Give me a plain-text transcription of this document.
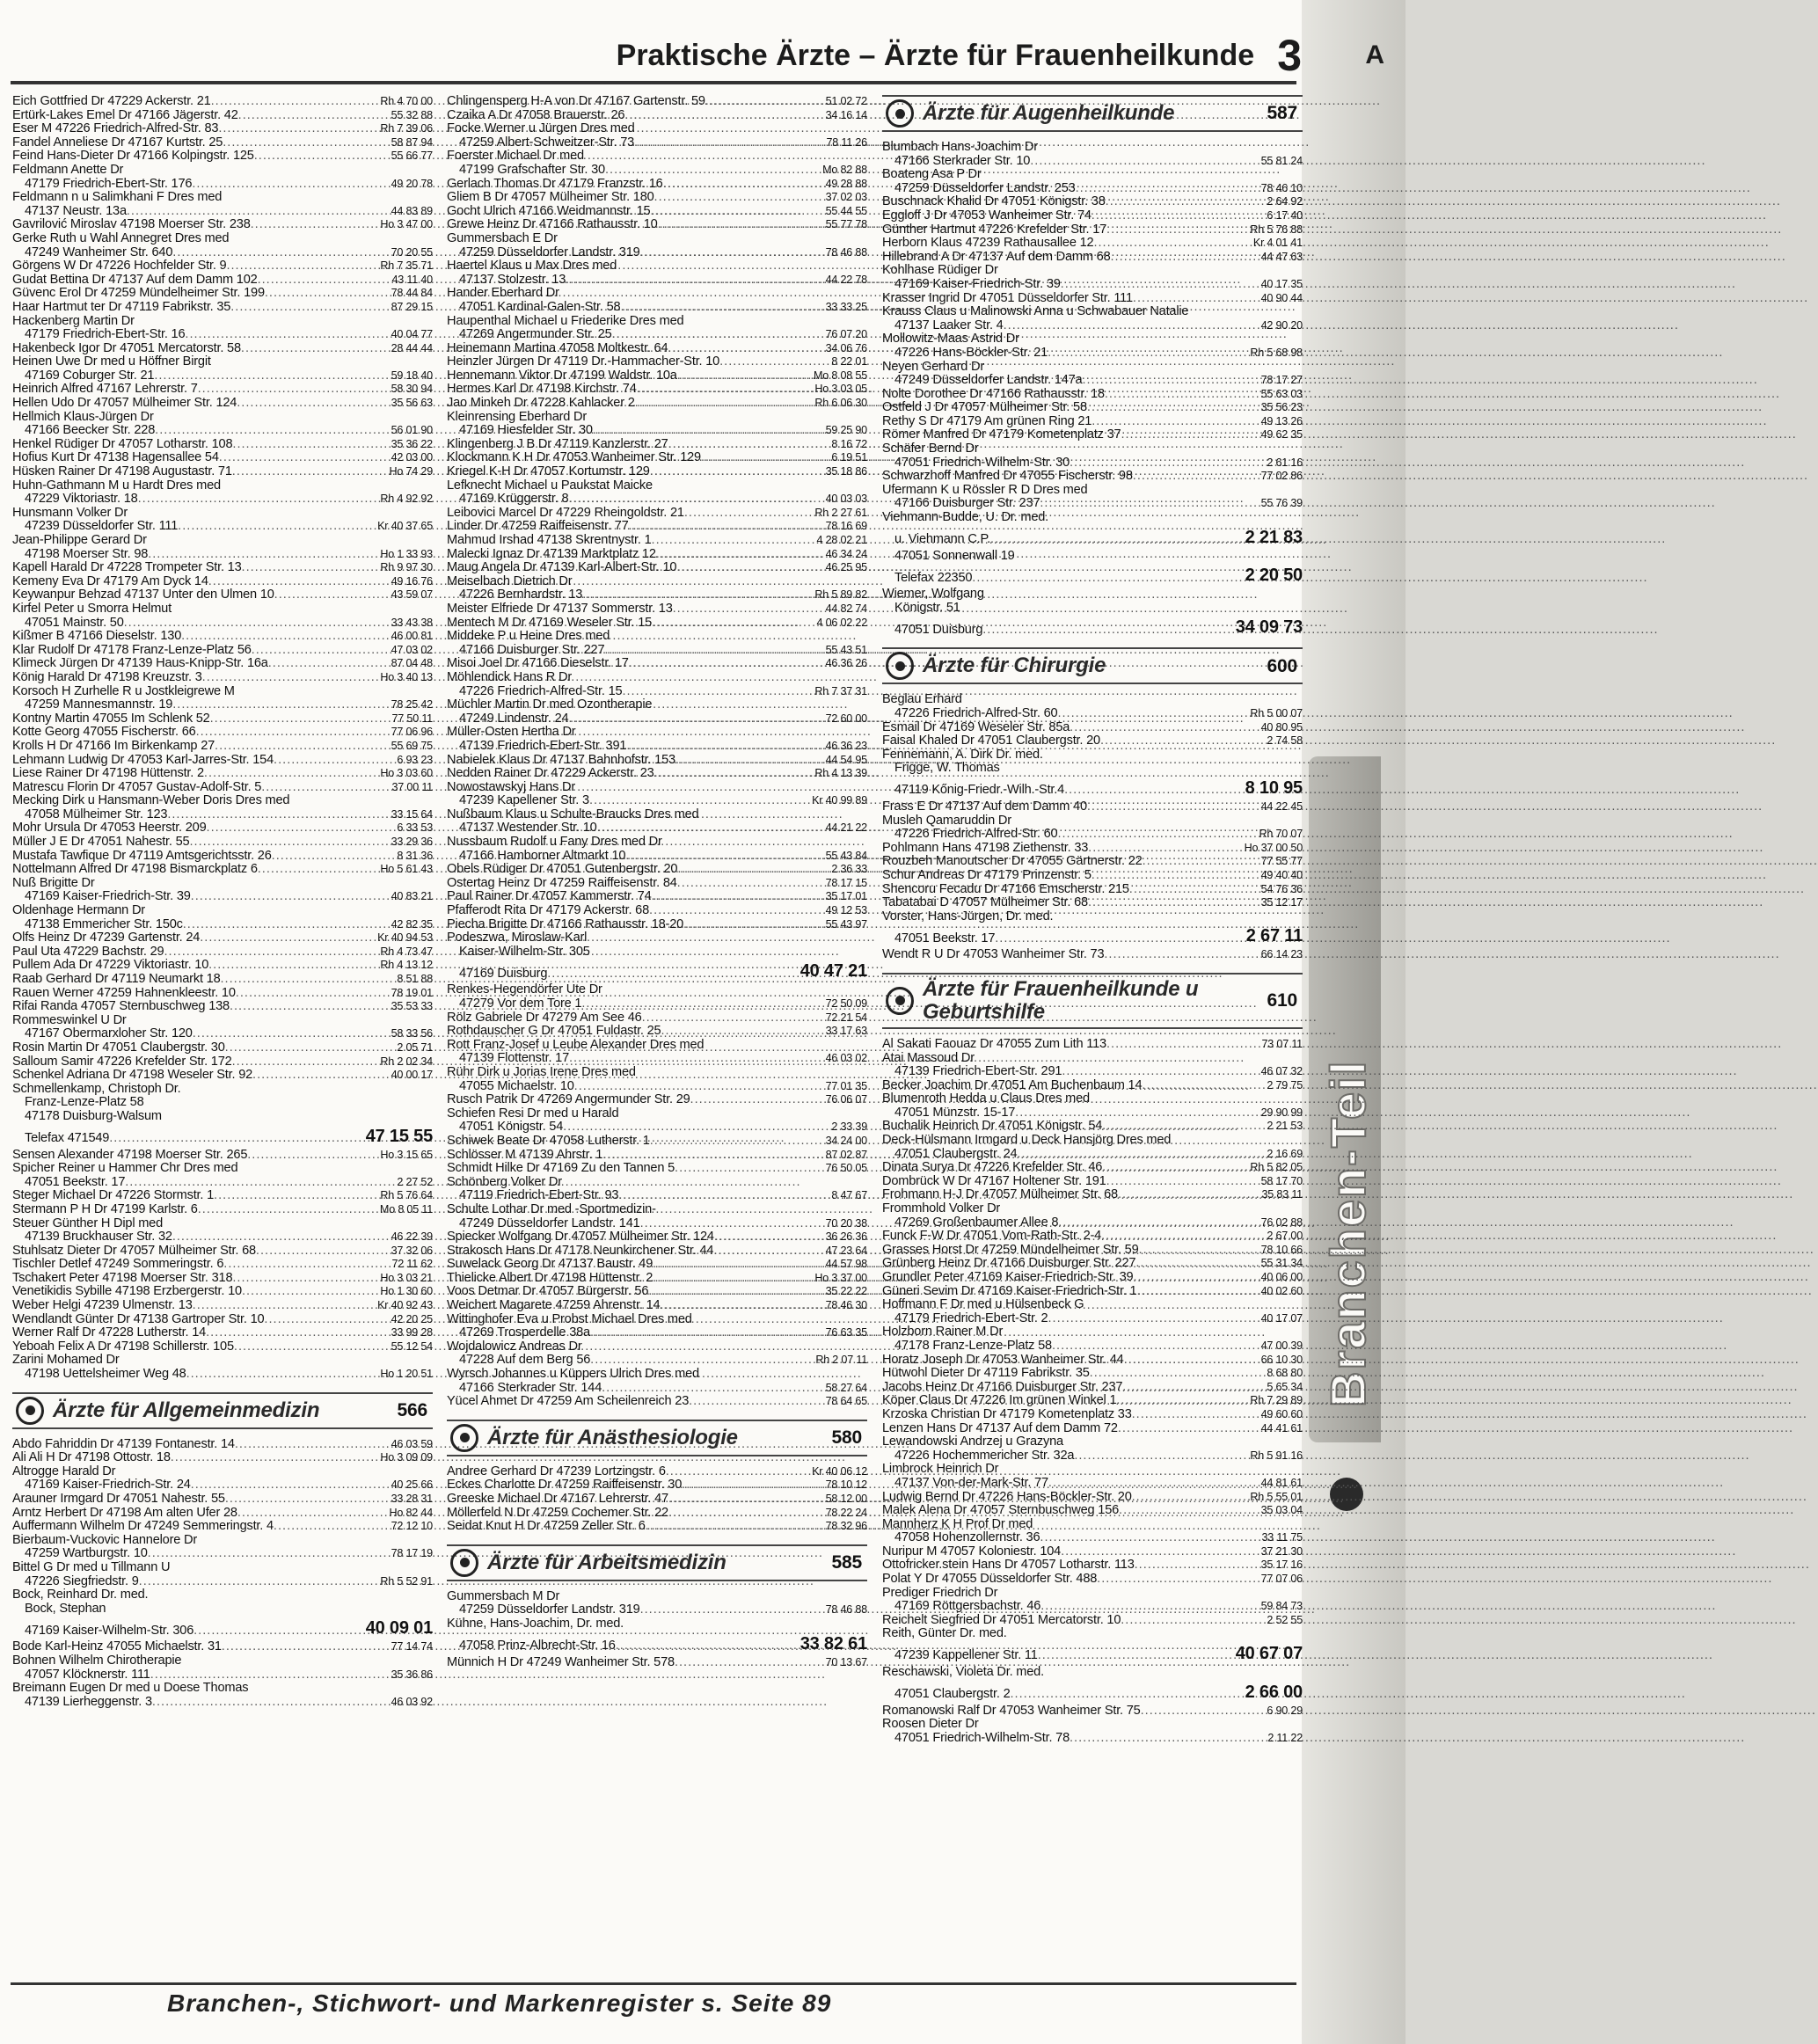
Branchen-Teil
Praktische Ärzte – Ärzte für Frauenheilkunde 3 A
Eich Gottfried Dr 47229 Ackerstr. 21 .....	Rh 4 70 00
Ertürk-Lakes Emel Dr 47166 Jägerstr. 42 .....	55 32 88
Eser M 47226 Friedrich-Alfred-Str. 83 .....	Rh 7 39 06
Fandel Anneliese Dr 47167 Kurtstr. 25 .....	58 87 94
Feind Hans-Dieter Dr 47166 Kolpingstr. 125 .....	55 66 77
Feldmann Anette Dr
47179 Friedrich-Ebert-Str. 176 .....	49 20 78
Feldmann n u Salimkhani F Dres med
47137 Neustr. 13a .....	44 83 89
Gavrilović Miroslav 47198 Moerser Str. 238 .....	Ho 3 47 00
Gerke Ruth u Wahl Annegret Dres med
47249 Wanheimer Str. 640 .....	70 20 55
Görgens W Dr 47226 Hochfelder Str. 9 .....	Rh 7 35 71
Gudat Bettina Dr 47137 Auf dem Damm 102 .....	43 11 40
Güvenc Erol Dr 47259 Mündelheimer Str. 199 .....	78 44 84
Haar Hartmut ter Dr 47119 Fabrikstr. 35 .....	87 29 15
Hackenberg Martin Dr
47179 Friedrich-Ebert-Str. 16 .....	40 04 77
Hakenbeck Igor Dr 47051 Mercatorstr. 58 .....	28 44 44
Heinen Uwe Dr med u Höffner Birgit
47169 Coburger Str. 21 .....	59 18 40
Heinrich Alfred 47167 Lehrerstr. 7 .....	58 30 94
Hellen Udo Dr 47057 Mülheimer Str. 124 .....	35 56 63
Hellmich Klaus-Jürgen Dr
47166 Beecker Str. 228 .....	56 01 90
Henkel Rüdiger Dr 47057 Lotharstr. 108 .....	35 36 22
Hofius Kurt Dr 47138 Hagensallee 54 .....	42 03 00
Hüsken Rainer Dr 47198 Augustastr. 71 .....	Ho 74 29
Huhn-Gathmann M u Hardt Dres med
47229 Viktoriastr. 18 .....	Rh 4 92 92
Hunsmann Volker Dr
47239 Düsseldorfer Str. 111 .....	Kr 40 37 65
Jean-Philippe Gerard Dr
47198 Moerser Str. 98 .....	Ho 1 33 93
Kapell Harald Dr 47228 Trompeter Str. 13 .....	Rh 9 97 30
Kemeny Eva Dr 47179 Am Dyck 14 .....	49 16 76
Keywanpur Behzad 47137 Unter den Ulmen 10 .....	43 59 07
Kirfel Peter u Smorra Helmut
47051 Mainstr. 50 .....	33 43 38
Kißmer B 47166 Dieselstr. 130 .....	46 00 81
Klar Rudolf Dr 47178 Franz-Lenze-Platz 56 .....	47 03 02
Klimeck Jürgen Dr 47139 Haus-Knipp-Str. 16a .....	87 04 48
König Harald Dr 47198 Kreuzstr. 3 .....	Ho 3 40 13
Korsoch H Zurhelle R u Jostkleigrewe M
47259 Mannesmannstr. 19 .....	78 25 42
Kontny Martin 47055 Im Schlenk 52 .....	77 50 11
Kotte Georg 47055 Fischerstr. 66 .....	77 06 96
Krolls H Dr 47166 Im Birkenkamp 27 .....	55 69 75
Lehmann Ludwig Dr 47053 Karl-Jarres-Str. 154 .....	6 93 23
Liese Rainer Dr 47198 Hüttenstr. 2 .....	Ho 3 03 60
Matrescu Florin Dr 47057 Gustav-Adolf-Str. 5 .....	37 00 11
Mecking Dirk u Hansmann-Weber Doris Dres med
47058 Mülheimer Str. 123 .....	33 15 64
Mohr Ursula Dr 47053 Heerstr. 209 .....	6 33 53
Müller J E Dr 47051 Nahestr. 55 .....	33 29 36
Mustafa Tawfique Dr 47119 Amtsgerichtsstr. 26 .....	8 31 36
Nottelmann Alfred Dr 47198 Bismarckplatz 6 .....	Ho 5 61 43
Nuß Brigitte Dr
47169 Kaiser-Friedrich-Str. 39 .....	40 83 21
Oldenhage Hermann Dr
47138 Emmericher Str. 150c .....	42 82 35
Olfs Heinz Dr 47239 Gartenstr. 24 .....	Kr 40 94 53
Paul Uta 47229 Bachstr. 29 .....	Rh 4 73 47
Pullem Ada Dr 47229 Viktoriastr. 10 .....	Rh 4 13 12
Raab Gerhard Dr 47119 Neumarkt 18 .....	8 51 88
Rauen Werner 47259 Hahnenkleestr. 10 .....	78 19 01
Rifai Randa 47057 Sternbuschweg 138 .....	35 53 33
Rommeswinkel U Dr
47167 Obermarxloher Str. 120 .....	58 33 56
Rosin Martin Dr 47051 Claubergstr. 30 .....	2 05 71
Salloum Samir 47226 Krefelder Str. 172 .....	Rh 2 02 34
Schenkel Adriana Dr 47198 Weseler Str. 92 .....	40 00 17
Schmellenkamp, Christoph Dr.
Franz-Lenze-Platz 58
47178 Duisburg-Walsum
Telefax 471549 .....	47 15 55
Sensen Alexander 47198 Moerser Str. 265 .....	Ho 3 15 65
Spicher Reiner u Hammer Chr Dres med
47051 Beekstr. 17 .....	2 27 52
Steger Michael Dr 47226 Stormstr. 1 .....	Rh 5 76 64
Stermann P H Dr 47199 Karlstr. 6 .....	Mo 8 05 11
Steuer Günther H Dipl med
47139 Bruckhauser Str. 32 .....	46 22 39
Stuhlsatz Dieter Dr 47057 Mülheimer Str. 68 .....	37 32 06
Tischler Detlef 47249 Sommeringstr. 6 .....	72 11 62
Tschakert Peter 47198 Moerser Str. 318 .....	Ho 3 03 21
Venetikidis Sybille 47198 Erzbergerstr. 10 .....	Ho 1 30 60
Weber Helgi 47239 Ulmenstr. 13 .....	Kr 40 92 43
Wendlandt Günter Dr 47138 Gartroper Str. 10 .....	42 20 25
Werner Ralf Dr 47228 Lutherstr. 14 .....	33 99 28
Yeboah Felix A Dr 47198 Schillerstr. 105 .....	55 12 54
Zarini Mohamed Dr
47198 Uettelsheimer Weg 48 .....	Ho 1 20 51
Ärzte für Allgemeinmedizin	566
Abdo Fahriddin Dr 47139 Fontanestr. 14 .....	46 03 59
Ali Ali H Dr 47198 Ottostr. 18 .....	Ho 3 09 09
Altrogge Harald Dr
47169 Kaiser-Friedrich-Str. 24 .....	40 25 66
Arauner Irmgard Dr 47051 Nahestr. 55 .....	33 28 31
Arntz Herbert Dr 47198 Am alten Ufer 28 .....	Ho 82 44
Auffermann Wilhelm Dr 47249 Semmeringstr. 4 .....	72 12 10
Bierbaum-Vuckovic Hannelore Dr
47259 Wartburgstr. 10 .....	78 17 19
Bittel G Dr med u Tillmann U
47226 Siegfriedstr. 9 .....	Rh 5 52 91
Bock, Reinhard Dr. med.
Bock, Stephan
47169 Kaiser-Wilhelm-Str. 306 .....	40 09 01
Bode Karl-Heinz 47055 Michaelstr. 31 .....	77 14 74
Bohnen Wilhelm Chirotherapie
47057 Klöcknerstr. 111 .....	35 36 86
Breimann Eugen Dr med u Doese Thomas
47139 Lierheggenstr. 3 .....	46 03 92
Chlingensperg H-A von Dr 47167 Gartenstr. 59 .....	51 02 72
Czaika A Dr 47058 Brauerstr. 26 .....	34 16 14
Focke Werner u Jürgen Dres med
47259 Albert-Schweitzer-Str. 73 .....	78 11 26
Foerster Michael Dr med
47199 Grafschafter Str. 30 .....	Mo 82 88
Gerlach Thomas Dr 47179 Franzstr. 16 .....	49 28 88
Gliem B Dr 47057 Mülheimer Str. 180 .....	37 02 03
Gocht Ulrich 47166 Weidmannstr. 15 .....	55 44 55
Grewe Heinz Dr 47166 Rathausstr. 10 .....	55 77 78
Gummersbach E Dr
47259 Düsseldorfer Landstr. 319 .....	78 46 88
Haertel Klaus u Max Dres med
47137 Stolzestr. 13 .....	44 22 78
Hander Eberhard Dr
47051 Kardinal-Galen-Str. 58 .....	33 33 25
Haupenthal Michael u Friederike Dres med
47269 Angermunder Str. 25 .....	76 07 20
Heinemann Martina 47058 Moltkestr. 64 .....	34 06 76
Heinzler Jürgen Dr 47119 Dr.-Hammacher-Str. 10 .....	8 22 01
Hennemann Viktor Dr 47199 Waldstr. 10a .....	Mo 8 08 55
Hermes Karl Dr 47198 Kirchstr. 74 .....	Ho 3 03 05
Jao Minkeh Dr 47228 Kahlacker 2 .....	Rh 6 06 30
Kleinrensing Eberhard Dr
47169 Hiesfelder Str. 30 .....	59 25 90
Klingenberg J B Dr 47119 Kanzlerstr. 27 .....	8 16 72
Klockmann K H Dr 47053 Wanheimer Str. 129 .....	6 19 51
Kriegel K-H Dr 47057 Kortumstr. 129 .....	35 18 86
Lefknecht Michael u Paukstat Maicke
47169 Krüggerstr. 8 .....	40 03 03
Leibovici Marcel Dr 47229 Rheingoldstr. 21 .....	Rh 2 27 61
Linder Dr 47259 Raiffeisenstr. 77 .....	78 16 69
Mahmud Irshad 47138 Skrentnystr. 1 .....	4 28 02 21
Malecki Ignaz Dr 47139 Marktplatz 12 .....	46 34 24
Maug Angela Dr 47139 Karl-Albert-Str. 10 .....	46 25 95
Meiselbach Dietrich Dr
47226 Bernhardstr. 13 .....	Rh 5 89 82
Meister Elfriede Dr 47137 Sommerstr. 13 .....	44 82 74
Mentech M Dr 47169 Weseler Str. 15 .....	4 06 02 22
Middeke P u Heine Dres med
47166 Duisburger Str. 227 .....	55 43 51
Misoi Joel Dr 47166 Dieselstr. 17 .....	46 36 26
Möhlendick Hans R Dr
47226 Friedrich-Alfred-Str. 15 .....	Rh 7 37 31
Müchler Martin Dr med Ozontherapie
47249 Lindenstr. 24 .....	72 60 00
Müller-Osten Hertha Dr
47139 Friedrich-Ebert-Str. 391 .....	46 36 23
Nabielek Klaus Dr 47137 Bahnhofstr. 153 .....	44 54 95
Nedden Rainer Dr 47229 Ackerstr. 23 .....	Rh 4 13 39
Nowostawskyj Hans Dr
47239 Kapellener Str. 3 .....	Kr 40 99 89
Nußbaum Klaus u Schulte-Braucks Dres med
47137 Westender Str. 10 .....	44 21 22
Nussbaum Rudolf u Fany Dres med Dr
47166 Hamborner Altmarkt 10 .....	55 43 84
Obels Rüdiger Dr 47051 Gutenbergstr. 20 .....	2 36 33
Ostertag Heinz Dr 47259 Raiffeisenstr. 84 .....	78 17 15
Paul Rainer Dr 47057 Kammerstr. 74 .....	35 17 01
Pfafferodt Rita Dr 47179 Ackerstr. 68 .....	49 12 53
Piecha Brigitte Dr 47166 Rathausstr. 18-20 .....	55 43 97
Podeszwa, Miroslaw-Karl
Kaiser-Wilhelm-Str. 305
47169 Duisburg .....	40 47 21
Renkes-Hegendörfer Ute Dr
47279 Vor dem Tore 1 .....	72 50 09
Rölz Gabriele Dr 47279 Am See 46 .....	72 21 54
Rothdauscher G Dr 47051 Fuldastr. 25 .....	33 17 63
Rott Franz-Josef u Leube Alexander Dres med
47139 Flottenstr. 17 .....	46 03 02
Rühr Dirk u Jorias Irene Dres med
47055 Michaelstr. 10 .....	77 01 35
Rusch Patrik Dr 47269 Angermunder Str. 29 .....	76 06 07
Schiefen Resi Dr med u Harald
47051 Königstr. 54 .....	2 33 39
Schiwek Beate Dr 47058 Lutherstr. 1 .....	34 24 00
Schlösser M 47139 Ahrstr. 1 .....	87 02 87
Schmidt Hilke Dr 47169 Zu den Tannen 5 .....	76 50 05
Schönberg Volker Dr
47119 Friedrich-Ebert-Str. 93 .....	8 47 67
Schulte Lothar Dr med -Sportmedizin-
47249 Düsseldorfer Landstr. 141 .....	70 20 38
Spiecker Wolfgang Dr 47057 Mülheimer Str. 124 .....	36 26 36
Strakosch Hans Dr 47178 Neunkirchener Str. 44 .....	47 23 64
Suwelack Georg Dr 47137 Baustr. 49 .....	44 57 98
Thielicke Albert Dr 47198 Hüttenstr. 2 .....	Ho 3 37 00
Voos Detmar Dr 47057 Bürgerstr. 56 .....	35 22 22
Weichert Magarete 47259 Ahrenstr. 14 .....	78 46 30
Wittinghofer Eva u Probst Michael Dres med
47269 Trosperdelle 38a .....	76 63 35
Wojdalowicz Andreas Dr
47228 Auf dem Berg 56 .....	Rh 2 07 11
Wyrsch Johannes u Küppers Ulrich Dres med
47166 Sterkrader Str. 144 .....	58 27 64
Yücel Ahmet Dr 47259 Am Scheilenreich 23 .....	78 64 65
Ärzte für Anästhesiologie	580
Andree Gerhard Dr 47239 Lortzingstr. 6 .....	Kr 40 06 12
Eckes Charlotte Dr 47259 Raiffeisenstr. 30 .....	78 10 12
Greeske Michael Dr 47167 Lehrerstr. 47 .....	58 12 00
Möllerfeld N Dr 47259 Cochemer Str. 22 .....	78 22 24
Seidat Knut H Dr 47259 Zeller Str. 6 .....	78 32 96
Ärzte für Arbeitsmedizin	585
Gummersbach M Dr
47259 Düsseldorfer Landstr. 319 .....	78 46 88
Kühne, Hans-Joachim, Dr. med.
47058 Prinz-Albrecht-Str. 16 .....	33 82 61
Münnich H Dr 47249 Wanheimer Str. 578 .....	70 13 67
Ärzte für Augenheilkunde	587
Blumbach Hans-Joachim Dr
47166 Sterkrader Str. 10 .....	55 81 24
Boateng Asa P Dr
47259 Düsseldorfer Landstr. 253 .....	78 46 10
Buschnack Khalid Dr 47051 Königstr. 38 .....	2 64 92
Eggloff J Dr 47053 Wanheimer Str. 74 .....	6 17 40
Günther Hartmut 47226 Krefelder Str. 17 .....	Rh 5 76 88
Herborn Klaus 47239 Rathausallee 12 .....	Kr 4 01 41
Hillebrand A Dr 47137 Auf dem Damm 68 .....	44 47 63
Kohlhase Rüdiger Dr
47169 Kaiser-Friedrich-Str. 39 .....	40 17 35
Krasser Ingrid Dr 47051 Düsseldorfer Str. 111 .....	40 90 44
Krauss Claus u Malinowski Anna u Schwabauer Natalie
47137 Laaker Str. 4 .....	42 90 20
Mollowitz-Maas Astrid Dr
47226 Hans-Böckler-Str. 21 .....	Rh 5 68 98
Neyen Gerhard Dr
47249 Düsseldorfer Landstr. 147a .....	78 17 27
Nolte Dorothee Dr 47166 Rathausstr. 18 .....	55 63 03
Ostfeld J Dr 47057 Mülheimer Str. 58 .....	35 56 23
Rethy S Dr 47179 Am grünen Ring 21 .....	49 13 26
Römer Manfred Dr 47179 Kometenplatz 37 .....	49 62 35
Schäfer Bernd Dr
47051 Friedrich-Wilhelm-Str. 30 .....	2 61 16
Schwarzhoff Manfred Dr 47055 Fischerstr. 98 .....	77 02 86
Ufermann K u Rössler R D Dres med
47166 Duisburger Str. 237 .....	55 76 39
Viehmann-Budde, U. Dr. med.
u. Viehmann C.P. .....	2 21 83
47051 Sonnenwall 19
Telefax 22350 .....	2 20 50
Wiemer, Wolfgang
Königstr. 51
47051 Duisburg .....	34 09 73
Ärzte für Chirurgie	600
Beglau Erhard
47226 Friedrich-Alfred-Str. 60 .....	Rh 5 00 07
Esmail Dr 47169 Weseler Str. 85a .....	40 80 95
Faisal Khaled Dr 47051 Claubergstr. 20 .....	2 74 58
Fennemann, A. Dirk Dr. med.
Frigge, W. Thomas
47119 Kőnig-Friedr.-Wilh.-Str.4 .....	8 10 95
Frass E Dr 47137 Auf dem Damm 40 .....	44 22 45
Musleh Qamaruddin Dr
47226 Friedrich-Alfred-Str. 60 .....	Rh 70 07
Pohlmann Hans 47198 Ziethenstr. 33 .....	Ho 37 00 50
Rouzbeh Manoutscher Dr 47055 Gärtnerstr. 22 .....	77 55 77
Schur Andreas Dr 47179 Prinzenstr. 5 .....	49 40 40
Shencoru Fecadu Dr 47166 Emscherstr. 215 .....	54 76 36
Tabatabai D 47057 Mülheimer Str. 68 .....	35 12 17
Vorster, Hans-Jürgen, Dr. med.
47051 Beekstr. 17 .....	2 67 11
Wendt R U Dr 47053 Wanheimer Str. 73 .....	66 14 23
Ärzte für Frauenheilkunde u Geburtshilfe	610
Al Sakati Faouaz Dr 47055 Zum Lith 113 .....	73 07 11
Atai Massoud Dr
47139 Friedrich-Ebert-Str. 291 .....	46 07 32
Becker Joachim Dr 47051 Am Buchenbaum 14 .....	2 79 75
Blumenroth Hedda u Claus Dres med
47051 Münzstr. 15-17 .....	29 90 99
Buchalik Heinrich Dr 47051 Königstr. 54 .....	2 21 53
Deck-Hülsmann Irmgard u Deck Hansjörg Dres med
47051 Claubergstr. 24 .....	2 16 69
Dinata Surya Dr 47226 Krefelder Str. 46 .....	Rh 5 82 05
Dombrück W Dr 47167 Holtener Str. 191 .....	58 17 70
Frohmann H-J Dr 47057 Mülheimer Str. 68 .....	35 83 11
Frommhold Volker Dr
47269 Großenbaumer Allee 8 .....	76 02 88
Funck F-W Dr 47051 Vom-Rath-Str. 2-4 .....	2 67 00
Grasses Horst Dr 47259 Mündelheimer Str. 59 .....	78 10 66
Grünberg Heinz Dr 47166 Duisburger Str. 227 .....	55 31 34
Grundler Peter 47169 Kaiser-Friedrich-Str. 39 .....	40 06 00
Güneri Sevim Dr 47169 Kaiser-Friedrich-Str. 1 .....	40 02 60
Hoffmann F Dr med u Hülsenbeck G
47179 Friedrich-Ebert-Str. 2 .....	40 17 07
Holzborn Rainer M Dr
47178 Franz-Lenze-Platz 58 .....	47 00 39
Horatz Joseph Dr 47053 Wanheimer Str. 44 .....	66 10 30
Hütwohl Dieter Dr 47119 Fabrikstr. 35 .....	8 68 80
Jacobs Heinz Dr 47166 Duisburger Str. 237 .....	5 65 34
Köper Claus Dr 47226 Im grünen Winkel 1 .....	Rh 7 29 89
Krzoska Christian Dr 47179 Kometenplatz 33 .....	49 60 60
Lenzen Hans Dr 47137 Auf dem Damm 72 .....	44 41 61
Lewandowski Andrzej u Grazyna
47226 Hochemmericher Str. 32a .....	Rh 5 91 16
Limbrock Heinrich Dr
47137 Von-der-Mark-Str. 77 .....	44 81 61
Ludwig Bernd Dr 47226 Hans-Böckler-Str. 20 .....	Rh 5 55 01
Malek Alena Dr 47057 Sternbuschweg 156 .....	35 03 04
Mannherz K H Prof Dr med
47058 Hohenzollernstr. 36 .....	33 11 75
Nuripur M 47057 Koloniestr. 104 .....	37 21 30
Ottofricker.stein Hans Dr 47057 Lotharstr. 113 .....	35 17 16
Polat Y Dr 47055 Düsseldorfer Str. 488 .....	77 07 06
Prediger Friedrich Dr
47169 Röttgersbachstr. 46 .....	59 84 73
Reichelt Siegfried Dr 47051 Mercatorstr. 10 .....	2 52 55
Reith, Günter Dr. med.
47239 Kappellener Str. 11 .....	40 67 07
Reschawski, Violeta Dr. med.
47051 Claubergstr. 2 .....	2 66 00
Romanowski Ralf Dr 47053 Wanheimer Str. 75 .....	6 90 29
Roosen Dieter Dr
47051 Friedrich-Wilhelm-Str. 78 .....	2 11 22
Branchen-, Stichwort- und Markenregister s. Seite 89
